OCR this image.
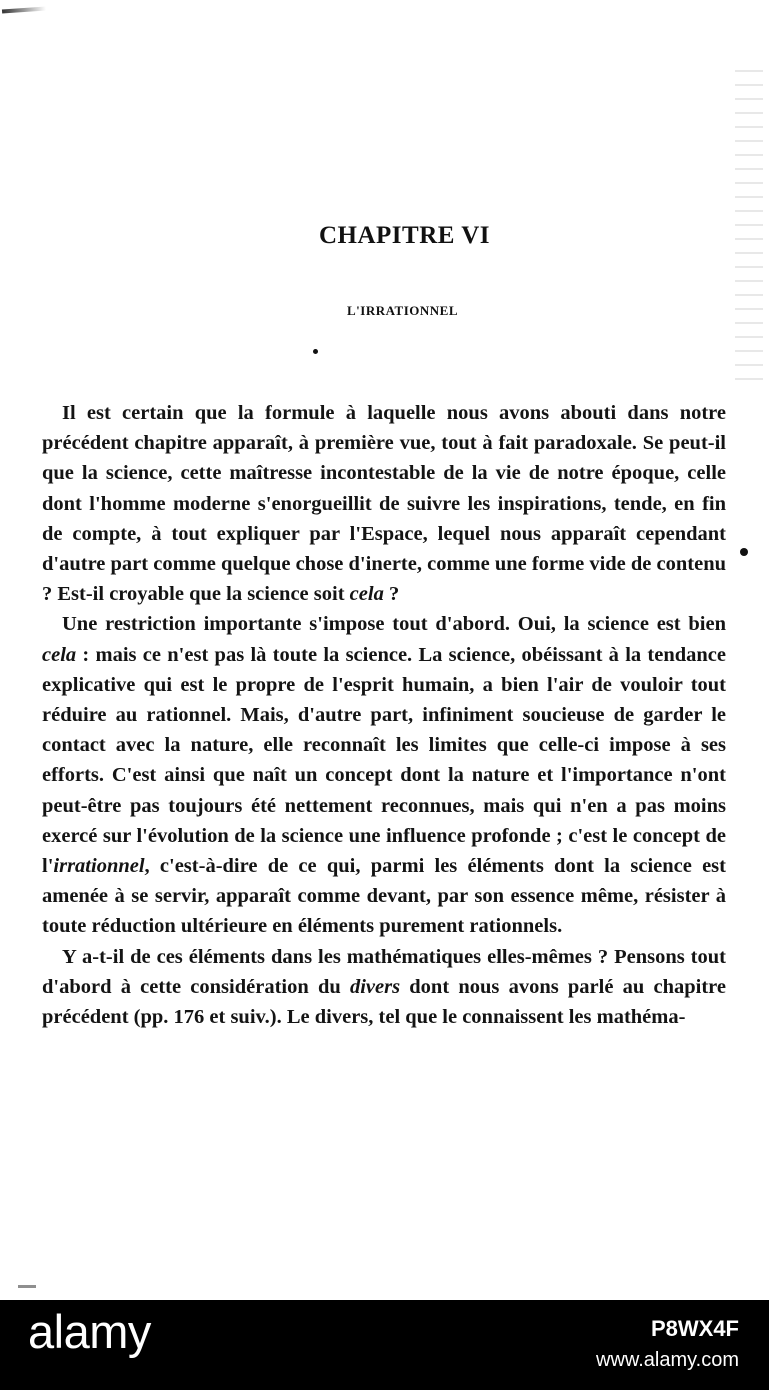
CHAPITRE VI
L'IRRATIONNEL

Il est certain que la formule à laquelle nous avons abouti dans notre précédent chapitre apparaît, à première vue, tout à fait paradoxale. Se peut-il que la science, cette maîtresse incontestable de la vie de notre époque, celle dont l'homme moderne s'enorgueillit de suivre les inspirations, tende, en fin de compte, à tout expliquer par l'Espace, lequel nous apparaît cependant d'autre part comme quelque chose d'inerte, comme une forme vide de contenu ? Est-il croyable que la science soit cela ?

Une restriction importante s'impose tout d'abord. Oui, la science est bien cela : mais ce n'est pas là toute la science. La science, obéissant à la tendance explicative qui est le propre de l'esprit humain, a bien l'air de vouloir tout réduire au rationnel. Mais, d'autre part, infiniment soucieuse de garder le contact avec la nature, elle reconnaît les limites que celle-ci impose à ses efforts. C'est ainsi que naît un concept dont la nature et l'importance n'ont peut-être pas toujours été nettement reconnues, mais qui n'en a pas moins exercé sur l'évolution de la science une influence profonde ; c'est le concept de l'irrationnel, c'est-à-dire de ce qui, parmi les éléments dont la science est amenée à se servir, apparaît comme devant, par son essence même, résister à toute réduction ultérieure en éléments purement rationnels.

Y a-t-il de ces éléments dans les mathématiques elles-mêmes ? Pensons tout d'abord à cette considération du divers dont nous avons parlé au chapitre précédent (pp. 176 et suiv.). Le divers, tel que le connaissent les mathéma-

alamy	P8WX4F
www.alamy.com
